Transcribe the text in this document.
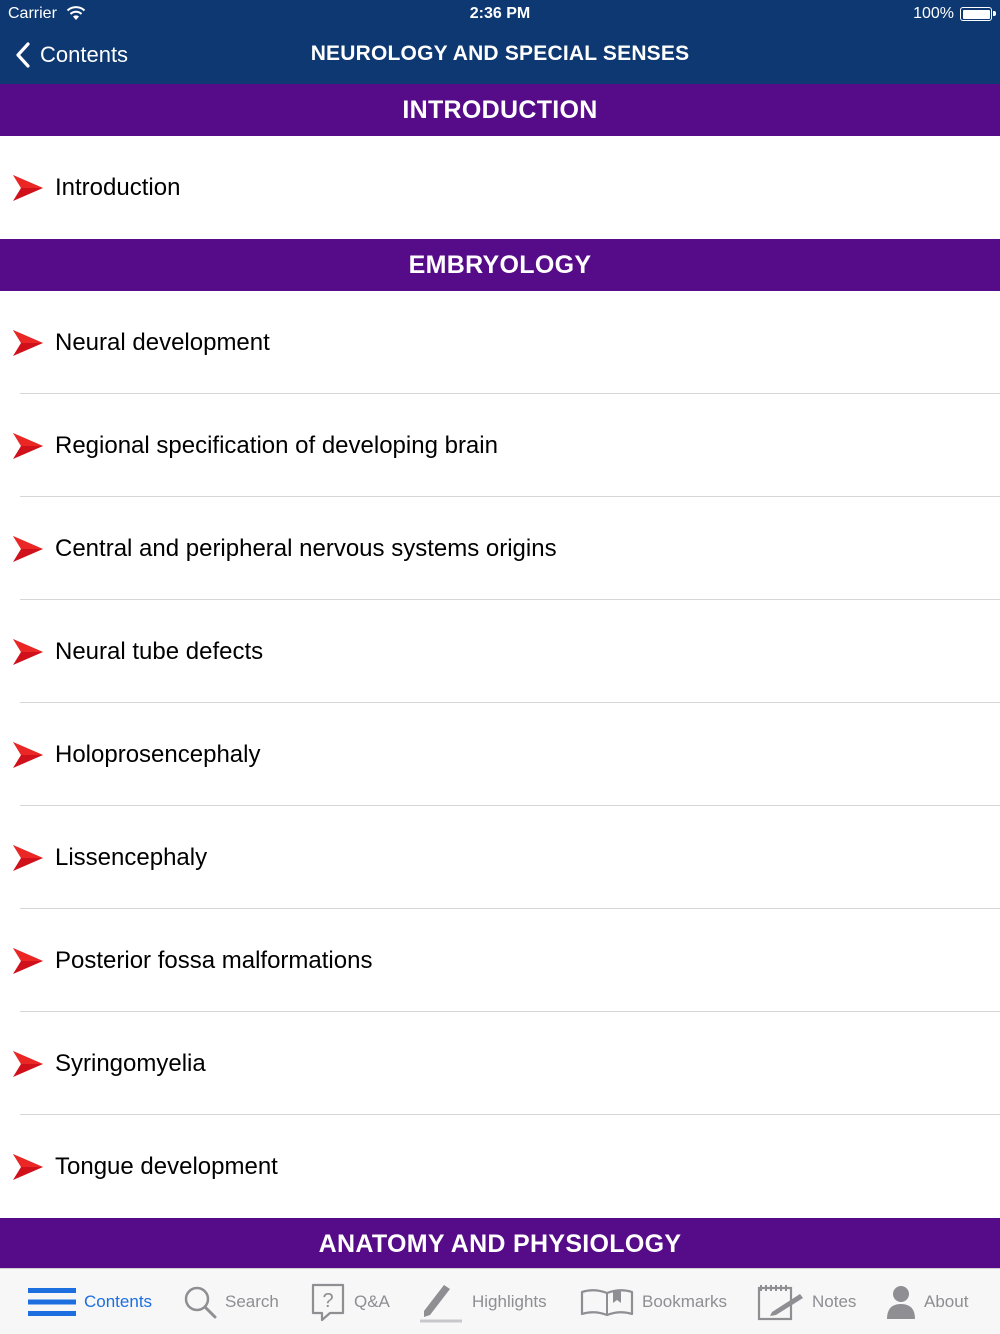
Carrier	2:36 PM	100%
Contents	NEUROLOGY AND SPECIAL SENSES
INTRODUCTION
Introduction
EMBRYOLOGY
Neural development
Regional specification of developing brain
Central and peripheral nervous systems origins
Neural tube defects
Holoprosencephaly
Lissencephaly
Posterior fossa malformations
Syringomyelia
Tongue development
ANATOMY AND PHYSIOLOGY
Contents	Search ? Q&A	Highlights	Bookmarks	Notes	About
